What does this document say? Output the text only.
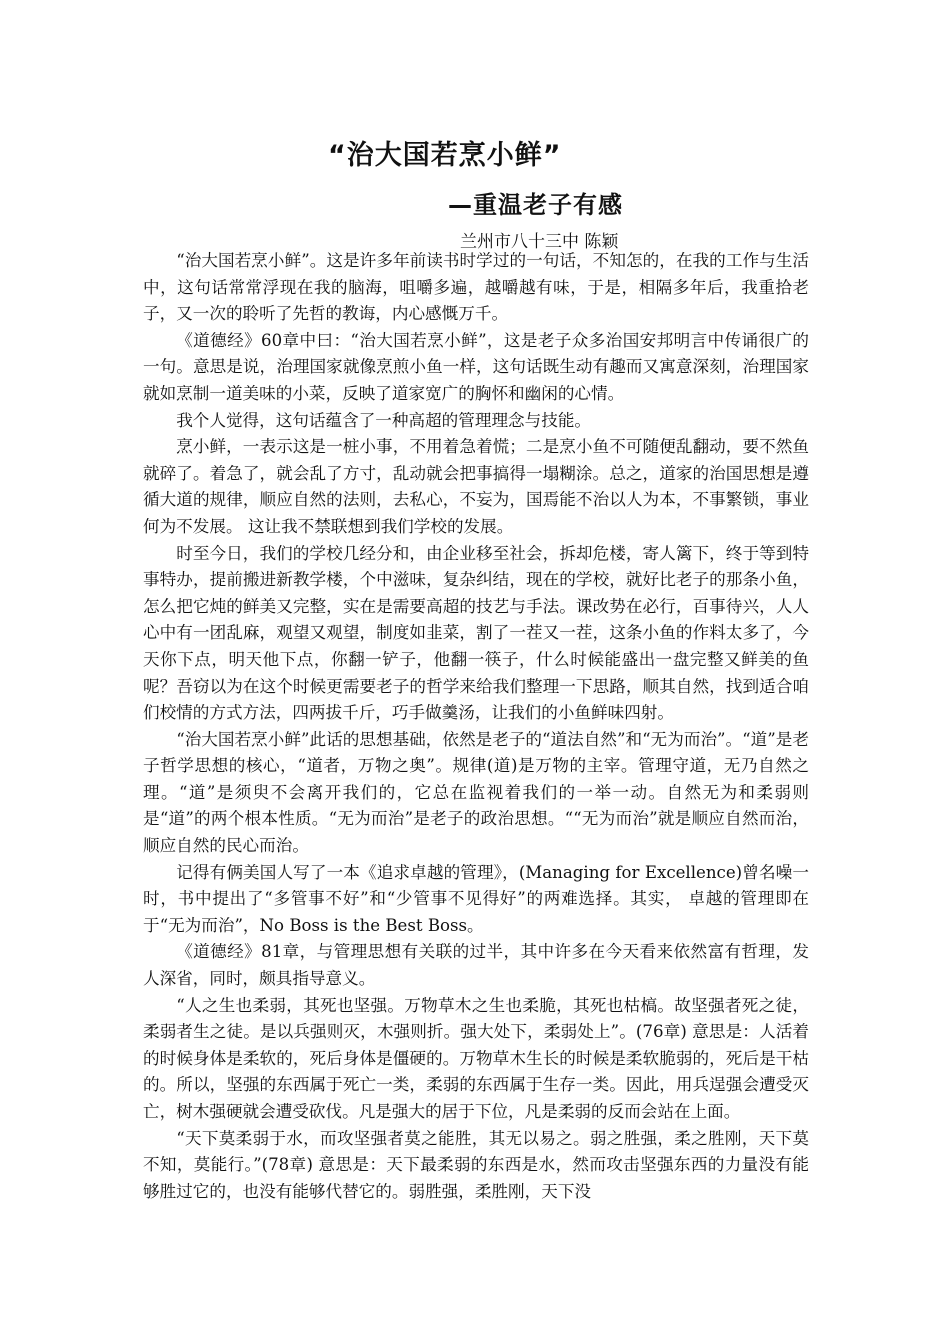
“治大国若烹小鲜”
—重温老子有感
兰州市八十三中 陈颖

“治大国若烹小鲜”。这是许多年前读书时学过的一句话，不知怎的，在我的工作与生活中，这句话常常浮现在我的脑海，咀嚼多遍，越嚼越有味，于是，相隔多年后，我重拾老子，又一次的聆听了先哲的教诲，内心感慨万千。

《道德经》60章中曰：“治大国若烹小鲜”，这是老子众多治国安邦明言中传诵很广的一句。意思是说，治理国家就像烹煎小鱼一样，这句话既生动有趣而又寓意深刻，治理国家就如烹制一道美味的小菜，反映了道家宽广的胸怀和幽闲的心情。

我个人觉得，这句话蕴含了一种高超的管理理念与技能。

烹小鲜，一表示这是一桩小事，不用着急着慌；二是烹小鱼不可随便乱翻动，要不然鱼就碎了。着急了，就会乱了方寸，乱动就会把事搞得一塌糊涂。总之，道家的治国思想是遵循大道的规律，顺应自然的法则，去私心，不妄为，国焉能不治以人为本，不事繁锁，事业何为不发展。 这让我不禁联想到我们学校的发展。

时至今日，我们的学校几经分和，由企业移至社会，拆却危楼，寄人篱下，终于等到特事特办，提前搬进新教学楼，个中滋味，复杂纠结，现在的学校，就好比老子的那条小鱼， 怎么把它炖的鲜美又完整，实在是需要高超的技艺与手法。课改势在必行，百事待兴，人人心中有一团乱麻，观望又观望，制度如韭菜，割了一茬又一茬，这条小鱼的作料太多了，今天你下点，明天他下点，你翻一铲子，他翻一筷子，什么时候能盛出一盘完整又鲜美的鱼呢？吾窃以为在这个时候更需要老子的哲学来给我们整理一下思路，顺其自然，找到适合咱们校情的方式方法，四两拔千斤，巧手做羹汤，让我们的小鱼鲜味四射。

“治大国若烹小鲜”此话的思想基础，依然是老子的“道法自然”和“无为而治”。“道”是老子哲学思想的核心，“道者，万物之奥”。规律(道)是万物的主宰。管理守道，无乃自然之理。“道”是须臾不会离开我们的，它总在监视着我们的一举一动。自然无为和柔弱则是“道”的两个根本性质。“无为而治”是老子的政治思想。““无为而治”就是顺应自然而治，顺应自然的民心而治。

记得有俩美国人写了一本《追求卓越的管理》，(Managing for Excellence)曾名噪一时，书中提出了“多管事不好”和“少管事不见得好”的两难选择。其实， 卓越的管理即在于“无为而治”，No Boss is the Best Boss。

《道德经》81章，与管理思想有关联的过半，其中许多在今天看来依然富有哲理，发人深省，同时，颇具指导意义。

“人之生也柔弱，其死也坚强。万物草木之生也柔脆，其死也枯槁。故坚强者死之徒，柔弱者生之徒。是以兵强则灭，木强则折。强大处下，柔弱处上”。(76章) 意思是：人活着的时候身体是柔软的，死后身体是僵硬的。万物草木生长的时候是柔软脆弱的，死后是干枯的。所以，坚强的东西属于死亡一类，柔弱的东西属于生存一类。因此，用兵逞强会遭受灭亡，树木强硬就会遭受砍伐。凡是强大的居于下位，凡是柔弱的反而会站在上面。

“天下莫柔弱于水，而攻坚强者莫之能胜，其无以易之。弱之胜强，柔之胜刚，天下莫不知，莫能行。”(78章) 意思是：天下最柔弱的东西是水，然而攻击坚强东西的力量没有能够胜过它的，也没有能够代替它的。弱胜强，柔胜刚，天下没
